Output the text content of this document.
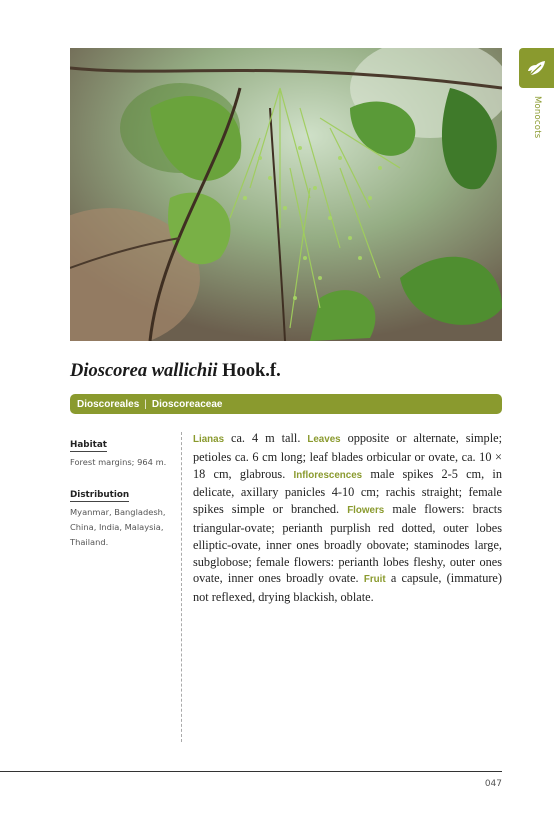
Monocots
Dioscorea wallichii Hook.f.
Dioscoreales | Dioscoreaceae
Habitat
Forest margins; 964 m.
Distribution
Myanmar, Bangladesh, China, India, Malaysia, Thailand.

Lianas ca. 4 m tall. Leaves opposite or alternate, simple; petioles ca. 6 cm long; leaf blades orbicular or ovate, ca. 10 × 18 cm, glabrous. Inflorescences male spikes 2-5 cm, in delicate, axillary panicles 4-10 cm; rachis straight; female spikes simple or branched. Flowers male flowers: bracts triangular-ovate; perianth purplish red dotted, outer lobes elliptic-ovate, inner ones broadly obovate; staminodes large, subglobose; female flowers: perianth lobes fleshy, outer ones ovate, inner ones broadly ovate. Fruit a capsule, (immature) not reflexed, drying blackish, oblate.

047
